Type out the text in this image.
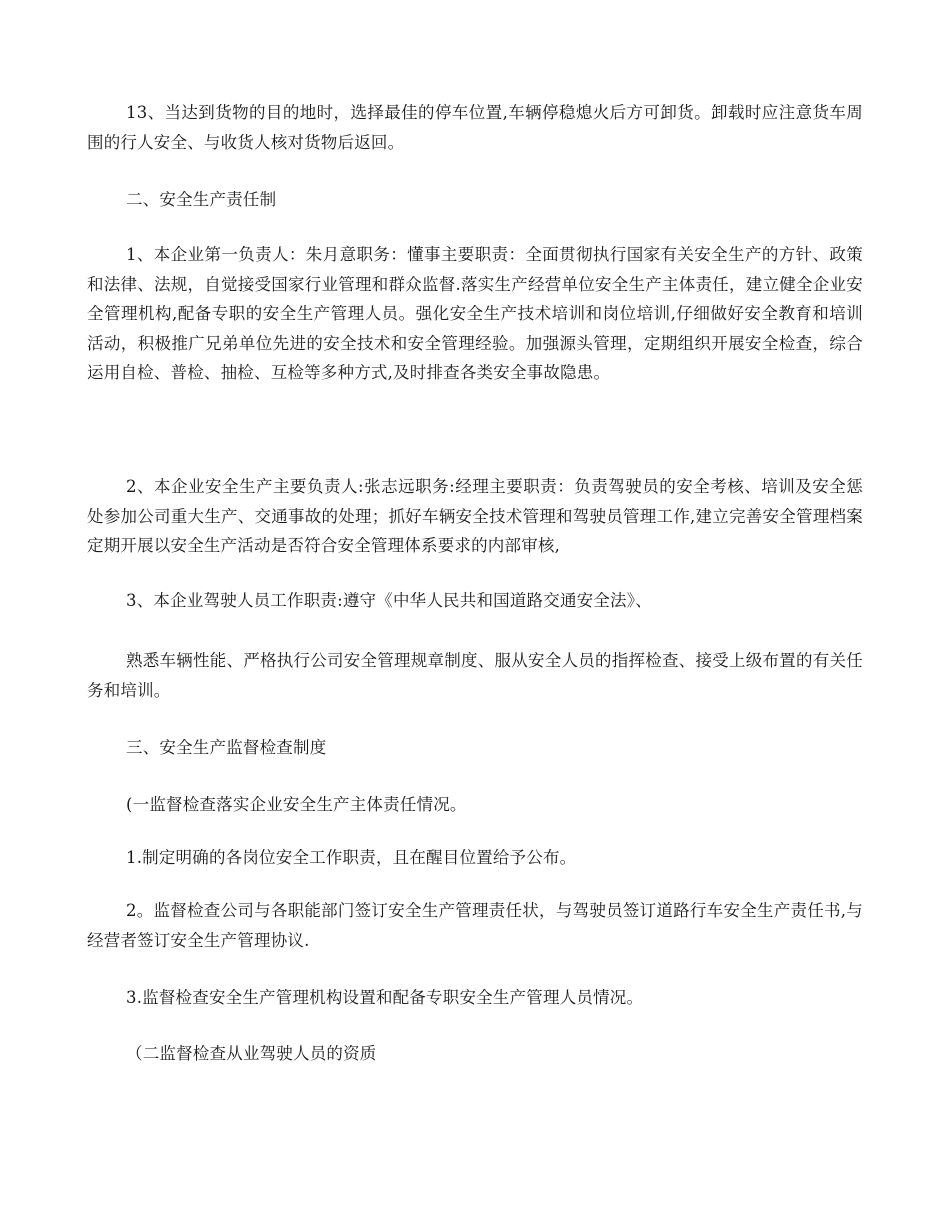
13、当达到货物的目的地时，选择最佳的停车位置,车辆停稳熄火后方可卸货。卸载时应注意货车周围的行人安全、与收货人核对货物后返回。

二、安全生产责任制

1、本企业第一负责人：朱月意职务：懂事主要职责：全面贯彻执行国家有关安全生产的方针、政策和法律、法规，自觉接受国家行业管理和群众监督.落实生产经营单位安全生产主体责任，建立健全企业安全管理机构,配备专职的安全生产管理人员。强化安全生产技术培训和岗位培训,仔细做好安全教育和培训活动，积极推广兄弟单位先进的安全技术和安全管理经验。加强源头管理，定期组织开展安全检查，综合运用自检、普检、抽检、互检等多种方式,及时排查各类安全事故隐患。

2、本企业安全生产主要负责人:张志远职务:经理主要职责：负责驾驶员的安全考核、培训及安全惩处参加公司重大生产、交通事故的处理；抓好车辆安全技术管理和驾驶员管理工作,建立完善安全管理档案定期开展以安全生产活动是否符合安全管理体系要求的内部审核,

3、本企业驾驶人员工作职责:遵守《中华人民共和国道路交通安全法》、

熟悉车辆性能、严格执行公司安全管理规章制度、服从安全人员的指挥检查、接受上级布置的有关任务和培训。

三、安全生产监督检查制度

(一监督检查落实企业安全生产主体责任情况。

1.制定明确的各岗位安全工作职责，且在醒目位置给予公布。

2。监督检查公司与各职能部门签订安全生产管理责任状，与驾驶员签订道路行车安全生产责任书,与经营者签订安全生产管理协议.

3.监督检查安全生产管理机构设置和配备专职安全生产管理人员情况。

（二监督检查从业驾驶人员的资质
